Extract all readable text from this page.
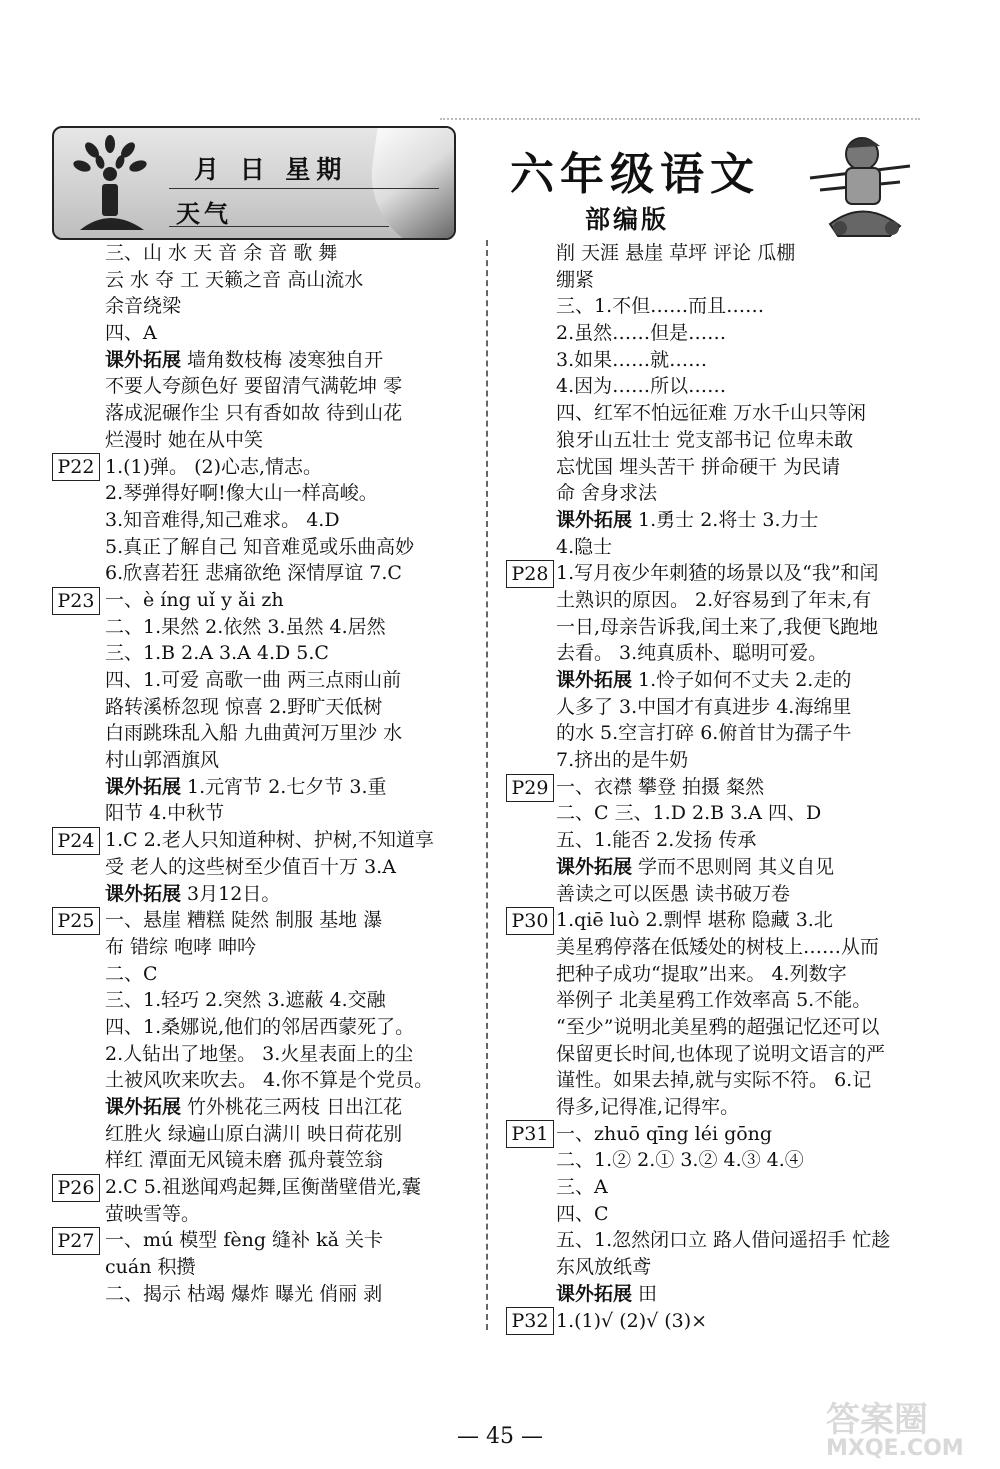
月 日 星期
天气
六年级语文
部编版
三、山 水 天 音 余 音 歌 舞
云 水 夺 工 天籁之音 高山流水
余音绕梁
四、A
课外拓展 墙角数枝梅 凌寒独自开
不要人夸颜色好 要留清气满乾坤 零
落成泥碾作尘 只有香如故 待到山花
烂漫时 她在从中笑
1.(1)弹。 (2)心志,情志。
2.琴弹得好啊!像大山一样高峻。
3.知音难得,知己难求。 4.D
5.真正了解自己 知音难觅或乐曲高妙
6.欣喜若狂 悲痛欲绝 深情厚谊 7.C
一、è íng uǐ y ǎi zh
二、1.果然 2.依然 3.虽然 4.居然
三、1.B 2.A 3.A 4.D 5.C
四、1.可爱 高歌一曲 两三点雨山前
路转溪桥忽现 惊喜 2.野旷天低树
白雨跳珠乱入船 九曲黄河万里沙 水
村山郭酒旗风
课外拓展 1.元宵节 2.七夕节 3.重
阳节 4.中秋节
1.C 2.老人只知道种树、护树,不知道享
受 老人的这些树至少值百十万 3.A
课外拓展 3月12日。
一、悬崖 糟糕 陡然 制服 基地 瀑
布 错综 咆哮 呻吟
二、C
三、1.轻巧 2.突然 3.遮蔽 4.交融
四、1.桑娜说,他们的邻居西蒙死了。
2.人钻出了地堡。 3.火星表面上的尘
土被风吹来吹去。 4.你不算是个党员。
课外拓展 竹外桃花三两枝 日出江花
红胜火 绿遍山原白满川 映日荷花别
样红 潭面无风镜未磨 孤舟蓑笠翁
2.C 5.祖逖闻鸡起舞,匡衡凿壁借光,囊
萤映雪等。
一、mú 模型 fèng 缝补 kǎ 关卡
cuán 积攒
二、揭示 枯竭 爆炸 曝光 俏丽 剥
P22
P23
P24
P25
P26
P27
削 天涯 悬崖 草坪 评论 瓜棚
绷紧
三、1.不但……而且……
2.虽然……但是……
3.如果……就……
4.因为……所以……
四、红军不怕远征难 万水千山只等闲
狼牙山五壮士 党支部书记 位卑未敢
忘忧国 埋头苦干 拼命硬干 为民请
命 舍身求法
课外拓展 1.勇士 2.将士 3.力士
4.隐士
1.写月夜少年刺猹的场景以及“我”和闰
土熟识的原因。 2.好容易到了年末,有
一日,母亲告诉我,闰土来了,我便飞跑地
去看。 3.纯真质朴、聪明可爱。
课外拓展 1.怜子如何不丈夫 2.走的
人多了 3.中国才有真进步 4.海绵里
的水 5.空言打碎 6.俯首甘为孺子牛
7.挤出的是牛奶
一、衣襟 攀登 拍摄 粲然
二、C 三、1.D 2.B 3.A 四、D
五、1.能否 2.发扬 传承
课外拓展 学而不思则罔 其义自见
善读之可以医愚 读书破万卷
1.qiē luò 2.剽悍 堪称 隐藏 3.北
美星鸦停落在低矮处的树枝上……从而
把种子成功“提取”出来。 4.列数字
举例子 北美星鸦工作效率高 5.不能。
“至少”说明北美星鸦的超强记忆还可以
保留更长时间,也体现了说明文语言的严
谨性。如果去掉,就与实际不符。 6.记
得多,记得准,记得牢。
一、zhuō qīng léi gōng
二、1.② 2.① 3.② 4.③ 4.④
三、A
四、C
五、1.忽然闭口立 路人借问遥招手 忙趁
东风放纸鸢
课外拓展 田
1.(1)√ (2)√ (3)×
P28
P29
P30
P31
P32
— 45 —	答案圈
MXQE.COM
